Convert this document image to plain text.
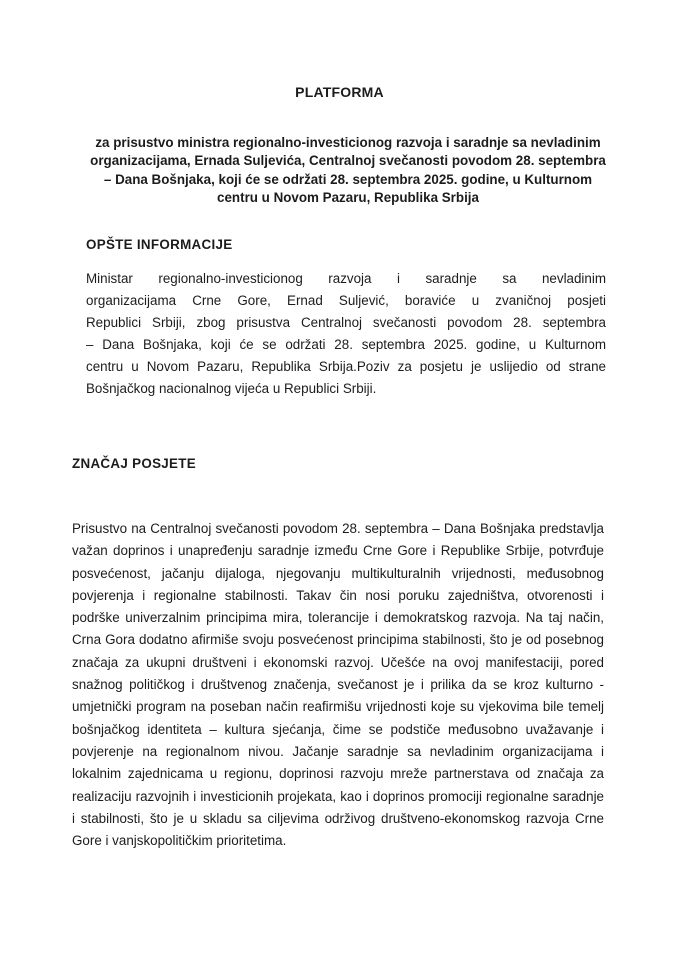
PLATFORMA
za prisustvo ministra regionalno-investicionog razvoja i saradnje sa nevladinim organizacijama, Ernada Suljevića, Centralnoj svečanosti povodom 28. septembra – Dana Bošnjaka, koji će se održati 28. septembra 2025. godine, u Kulturnom centru u Novom Pazaru, Republika Srbija
OPŠTE INFORMACIJE
Ministar regionalno-investicionog razvoja i saradnje sa nevladinim
organizacijama Crne Gore, Ernad Suljević, boraviće u zvaničnoj posjeti
Republici Srbiji, zbog prisustva Centralnoj svečanosti povodom 28. septembra
– Dana Bošnjaka, koji će se održati 28. septembra 2025. godine, u Kulturnom
centru u Novom Pazaru, Republika Srbija.Poziv za posjetu je uslijedio od strane
Bošnjačkog nacionalnog vijeća u Republici Srbiji.
ZNAČAJ POSJETE
Prisustvo na Centralnoj svečanosti povodom 28. septembra – Dana Bošnjaka predstavlja
važan doprinos i unapređenju saradnje između Crne Gore i Republike Srbije, potvrđuje
posvećenost, jačanju dijaloga, njegovanju multikulturalnih vrijednosti, međusobnog
povjerenja i regionalne stabilnosti. Takav čin nosi poruku zajedništva, otvorenosti i
podrške univerzalnim principima mira, tolerancije i demokratskog razvoja. Na taj način,
Crna Gora dodatno afirmiše svoju posvećenost principima stabilnosti, što je od posebnog
značaja za ukupni društveni i ekonomski razvoj. Učešće na ovoj manifestaciji, pored
snažnog političkog i društvenog značenja, svečanost je i prilika da se kroz kulturno -
umjetnički program na poseban način reafirmišu vrijednosti koje su vjekovima bile temelj
bošnjačkog identiteta – kultura sjećanja, čime se podstiče međusobno uvažavanje i
povjerenje na regionalnom nivou. Jačanje saradnje sa nevladinim organizacijama i
lokalnim zajednicama u regionu, doprinosi razvoju mreže partnerstava od značaja za
realizaciju razvojnih i investicionih projekata, kao i doprinos promociji regionalne saradnje
i stabilnosti, što je u skladu sa ciljevima održivog društveno-ekonomskog razvoja Crne
Gore i vanjskopolitičkim prioritetima.
